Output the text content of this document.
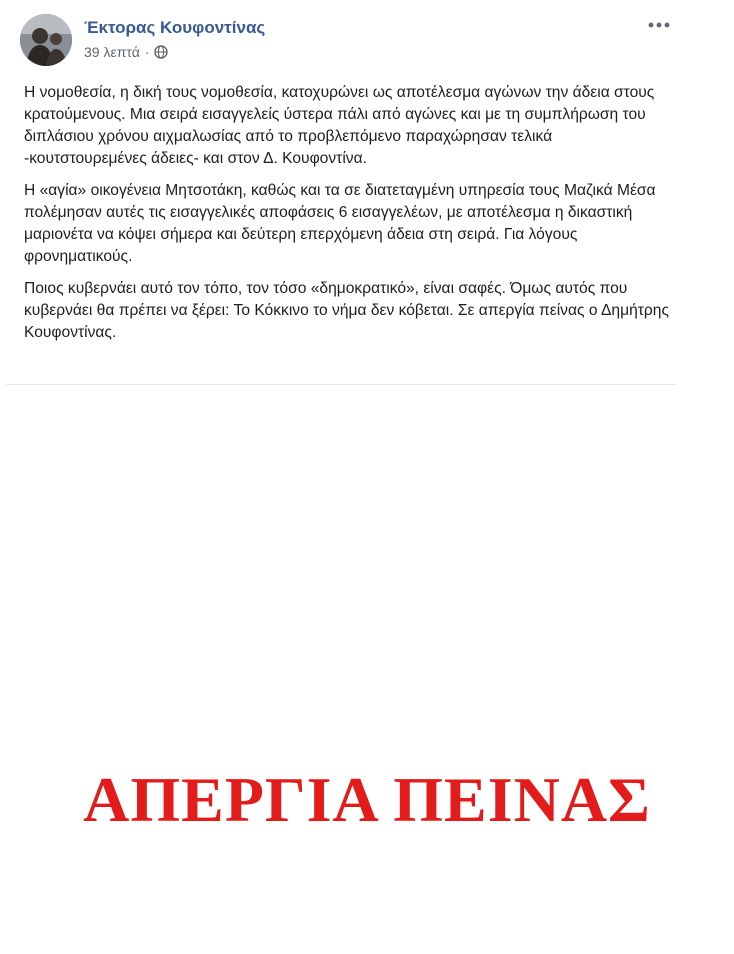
Έκτορας Κουφοντίνας
39 λεπτά ·

Η νομοθεσία, η δική τους νομοθεσία, κατοχυρώνει ως αποτέλεσμα αγώνων την άδεια στους κρατούμενους. Μια σειρά εισαγγελείς ύστερα πάλι από αγώνες και με τη συμπλήρωση του διπλάσιου χρόνου αιχμαλωσίας από το προβλεπόμενο παραχώρησαν τελικά -κουτστουρεμένες άδειες- και στον Δ. Κουφοντίνα.

Η «αγία» οικογένεια Μητσοτάκη, καθώς και τα σε διατεταγμένη υπηρεσία τους Μαζικά Μέσα πολέμησαν αυτές τις εισαγγελικές αποφάσεις 6 εισαγγελέων, με αποτέλεσμα η δικαστική μαριονέτα να κόψει σήμερα και δεύτερη επερχόμενη άδεια στη σειρά. Για λόγους φρονηματικούς.

Ποιος κυβερνάει αυτό τον τόπο, τον τόσο «δημοκρατικό», είναι σαφές. Όμως αυτός που κυβερνάει θα πρέπει να ξέρει: Το Κόκκινο το νήμα δεν κόβεται. Σε απεργία πείνας ο Δημήτρης Κουφοντίνας.

ΑΠΕΡΓΙΑ ΠΕΙΝΑΣ
